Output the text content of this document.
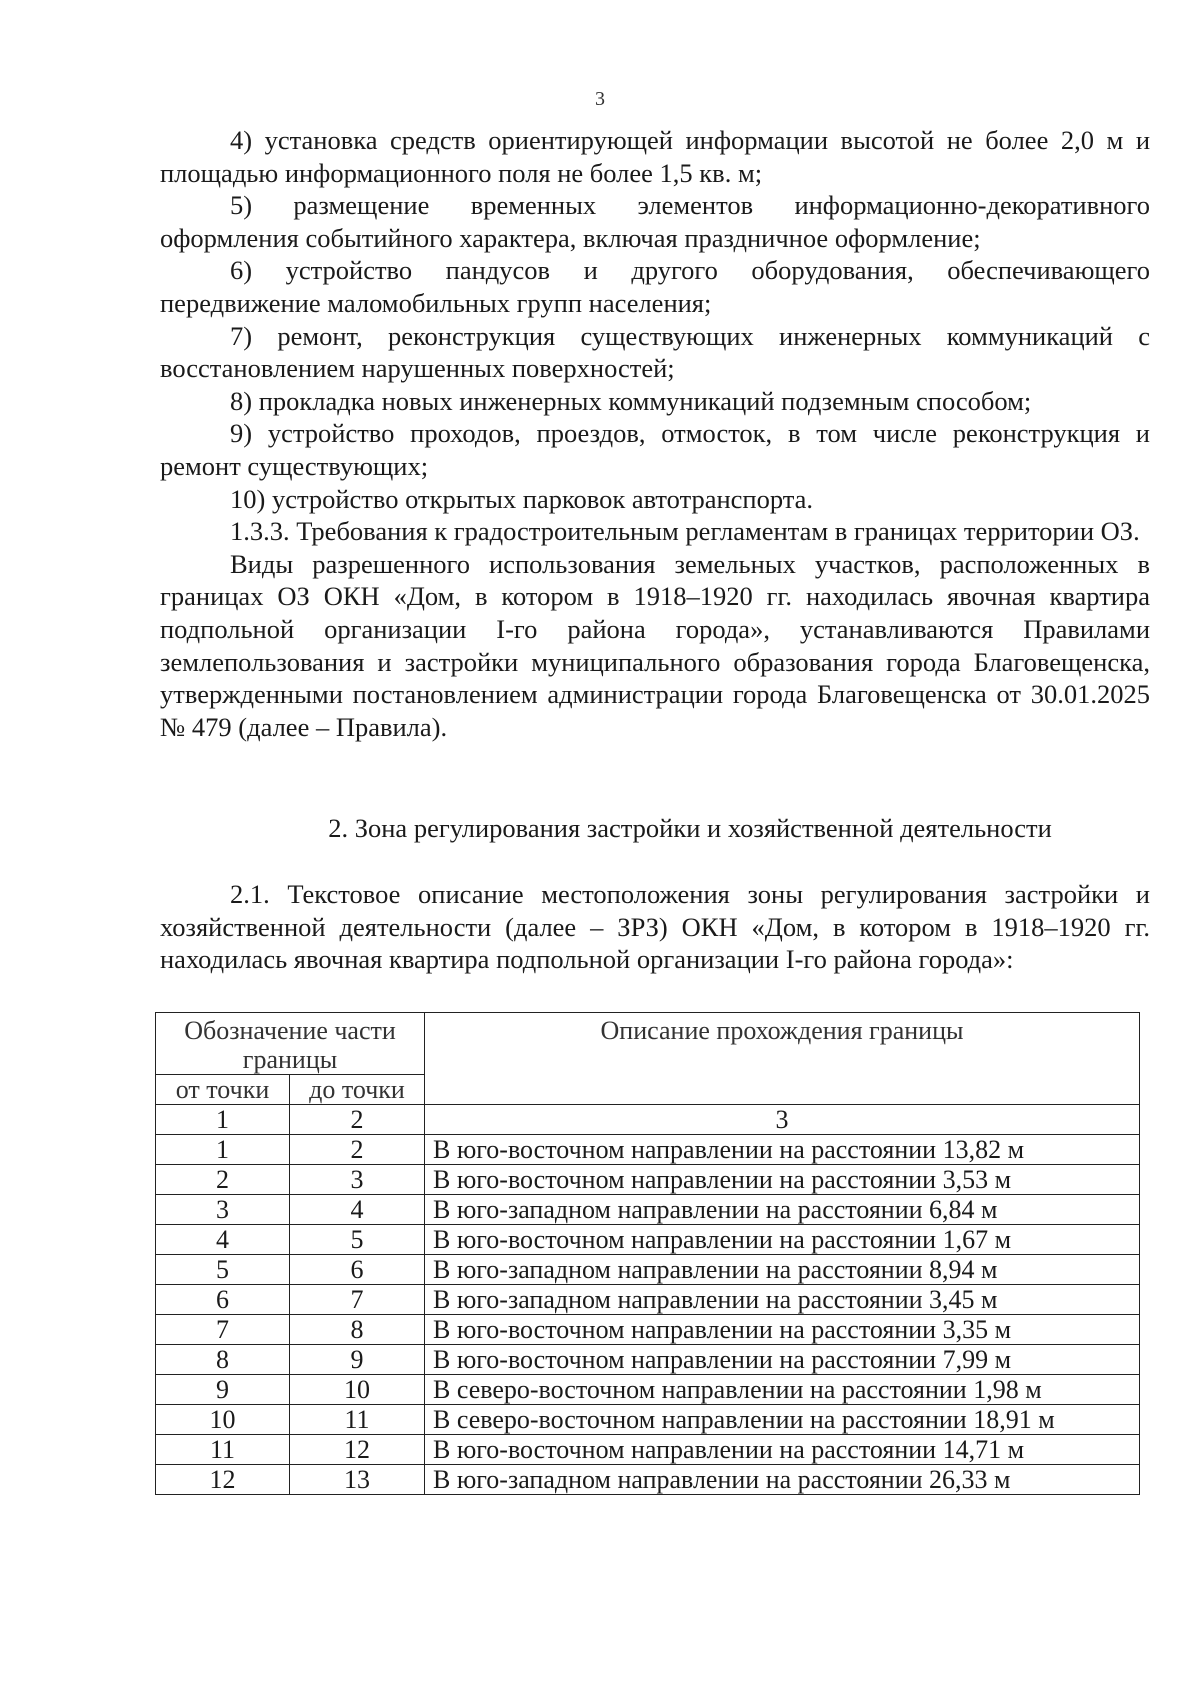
3

4) установка средств ориентирующей информации высотой не более 2,0 м и площадью информационного поля не более 1,5 кв. м;

5) размещение временных элементов информационно-декоративного оформления событийного характера, включая праздничное оформление;

6) устройство пандусов и другого оборудования, обеспечивающего передвижение маломобильных групп населения;

7) ремонт, реконструкция существующих инженерных коммуникаций с восстановлением нарушенных поверхностей;

8) прокладка новых инженерных коммуникаций подземным способом;

9) устройство проходов, проездов, отмосток, в том числе реконструкция и ремонт существующих;

10) устройство открытых парковок автотранспорта.

1.3.3. Требования к градостроительным регламентам в границах территории ОЗ.

Виды разрешенного использования земельных участков, расположенных в границах ОЗ ОКН «Дом, в котором в 1918–1920 гг. находилась явочная квартира подпольной организации I-го района города», устанавливаются Правилами землепользования и застройки муниципального образования города Благовещенска, утвержденными постановлением администрации города Благовещенска от 30.01.2025 № 479 (далее – Правила).

2. Зона регулирования застройки и хозяйственной деятельности

2.1. Текстовое описание местоположения зоны регулирования застройки и хозяйственной деятельности (далее – ЗРЗ) ОКН «Дом, в котором в 1918–1920 гг. находилась явочная квартира подпольной организации I-го района города»:

Обозначение части границы		Описание прохождения границы
от точки	до точки	
1	2	3
1	2	В юго-восточном направлении на расстоянии 13,82 м
2	3	В юго-восточном направлении на расстоянии 3,53 м
3	4	В юго-западном направлении на расстоянии 6,84 м
4	5	В юго-восточном направлении на расстоянии 1,67 м
5	6	В юго-западном направлении на расстоянии 8,94 м
6	7	В юго-западном направлении на расстоянии 3,45 м
7	8	В юго-восточном направлении на расстоянии 3,35 м
8	9	В юго-восточном направлении на расстоянии 7,99 м
9	10	В северо-восточном направлении на расстоянии 1,98 м
10	11	В северо-восточном направлении на расстоянии 18,91 м
11	12	В юго-восточном направлении на расстоянии 14,71 м
12	13	В юго-западном направлении на расстоянии 26,33 м
